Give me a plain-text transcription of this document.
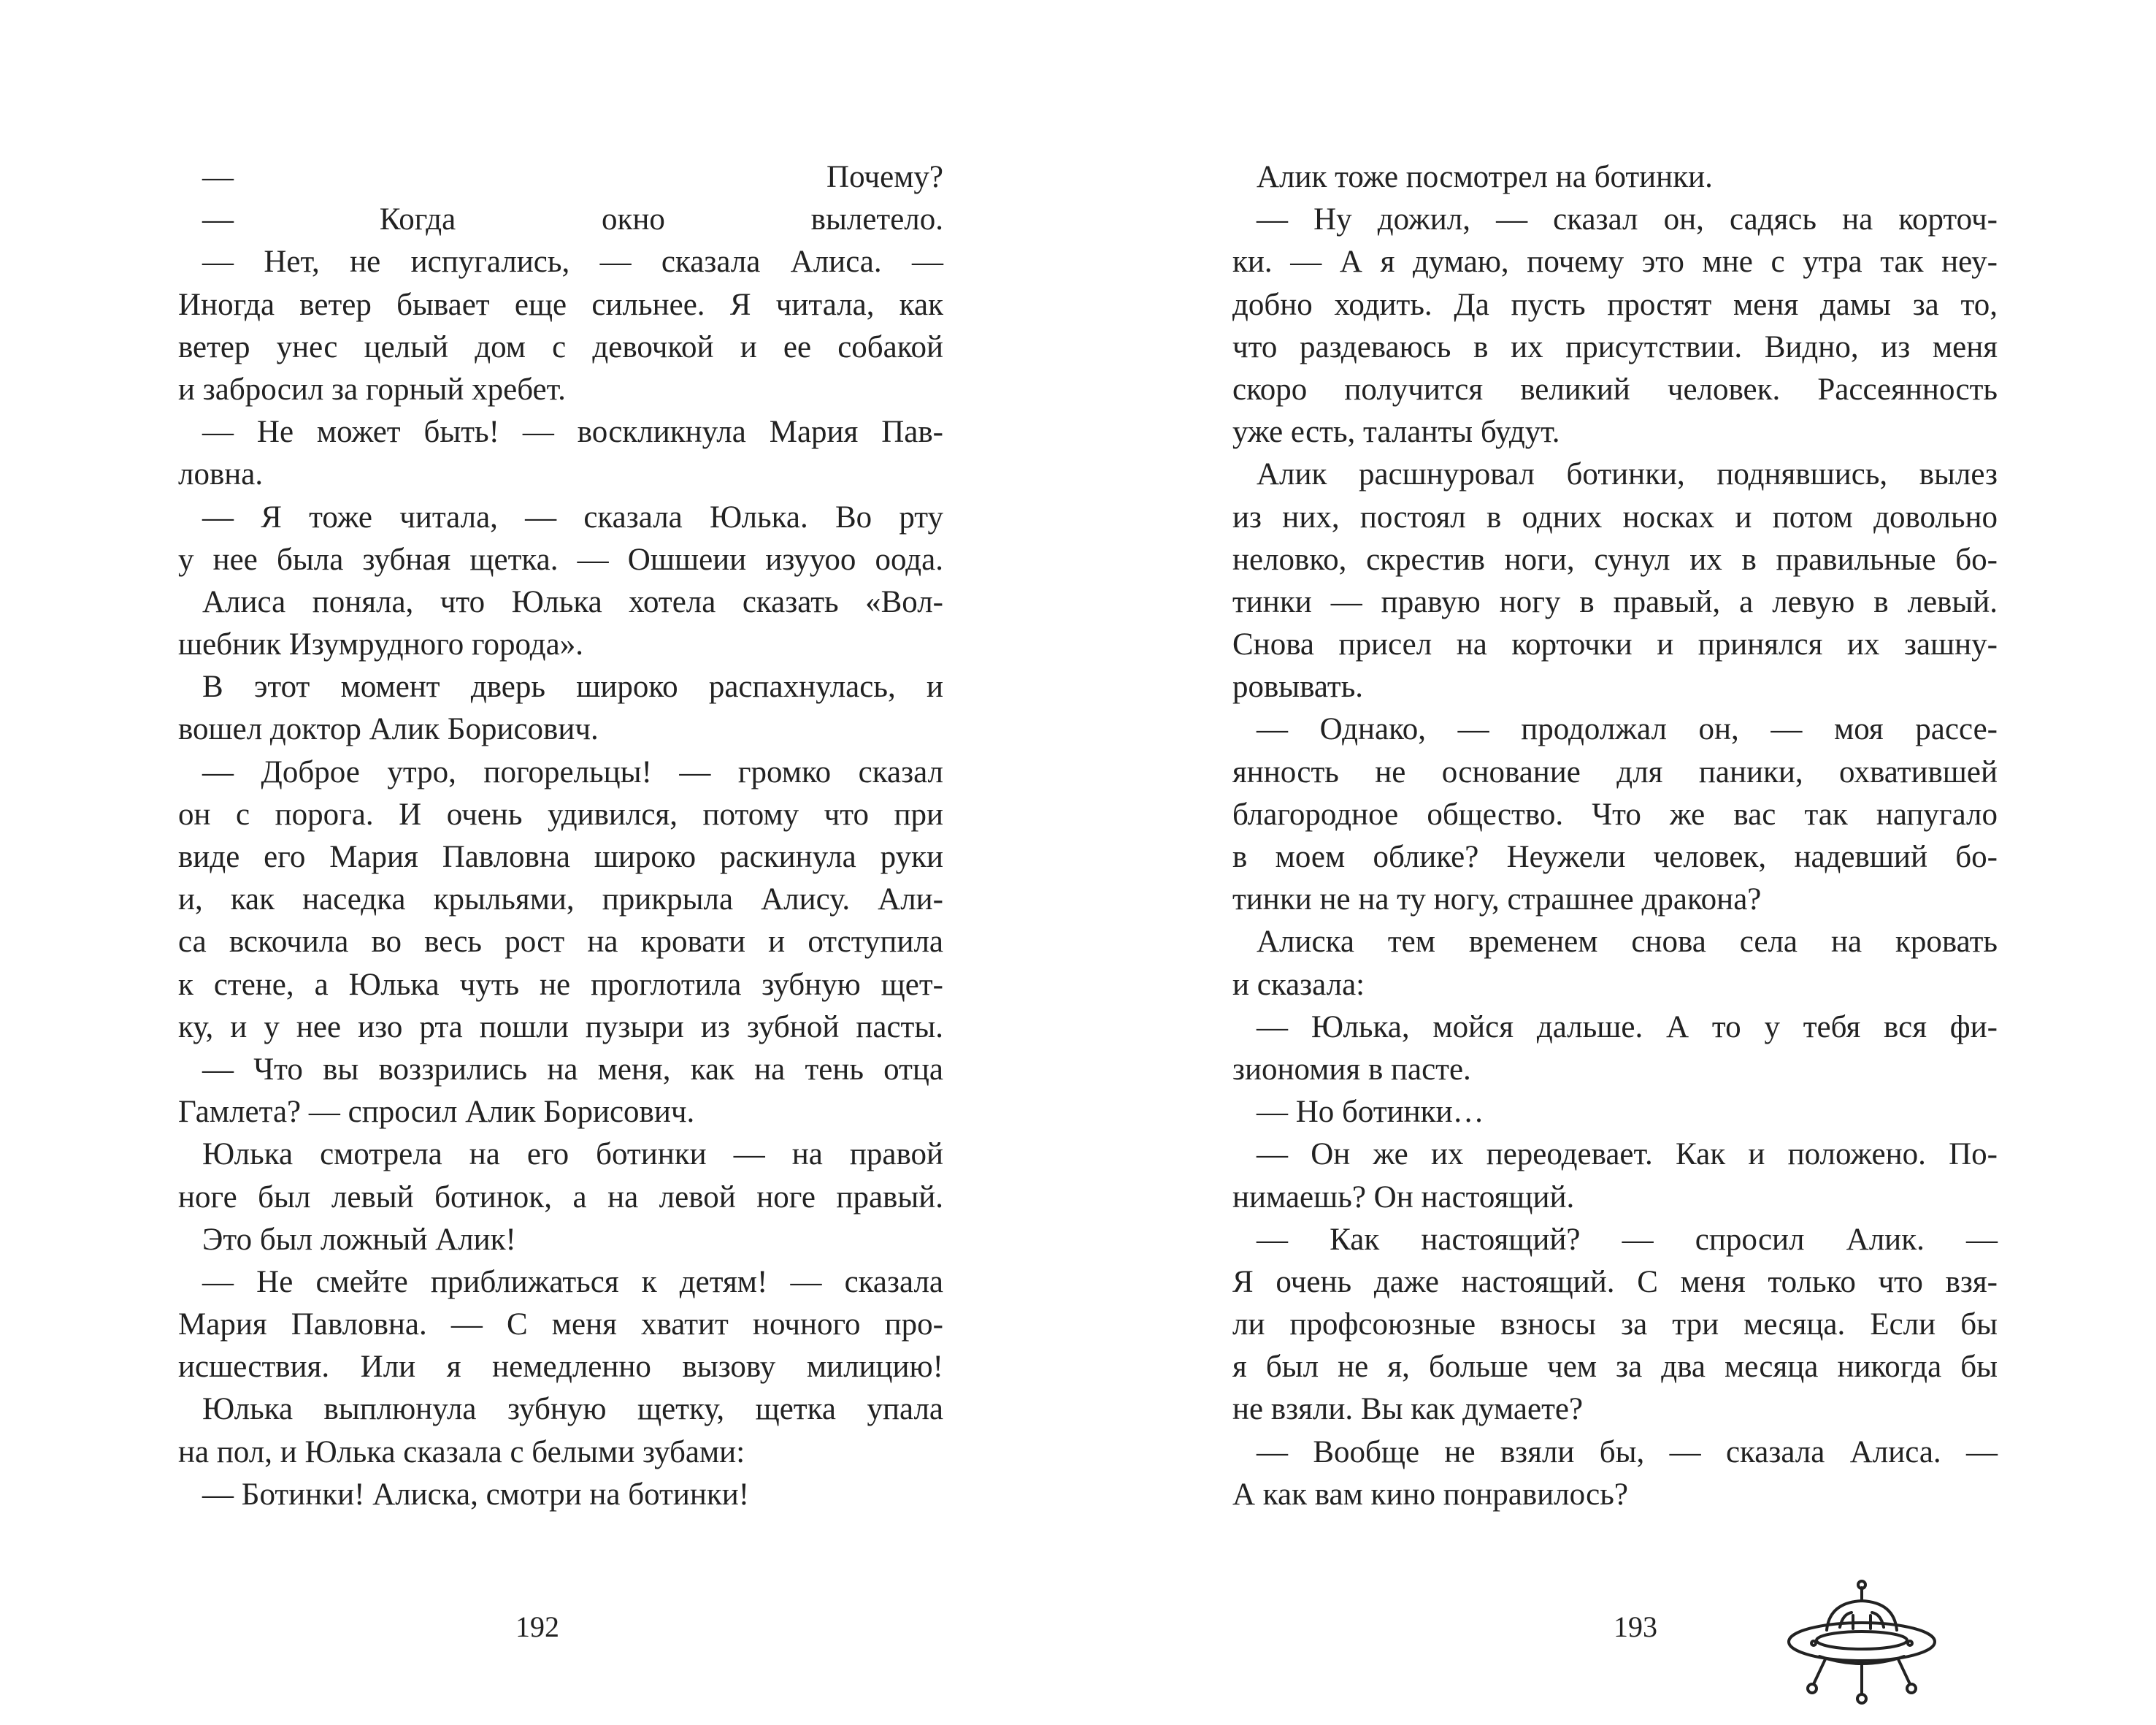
— Почему?
— Когда окно вылетело.
— Нет, не испугались, — сказала Алиса. —
Иногда ветер бывает еще сильнее. Я читала, как
ветер унес целый дом с девочкой и ее собакой
и забросил за горный хребет.
— Не может быть! — воскликнула Мария Пав-
ловна.
— Я тоже читала, — сказала Юлька. Во рту
у нее была зубная щетка. — Ошшеии изууоо оода.
Алиса поняла, что Юлька хотела сказать «Вол-
шебник Изумрудного города».
В этот момент дверь широко распахнулась, и
вошел доктор Алик Борисович.
— Доброе утро, погорельцы! — громко сказал
он с порога. И очень удивился, потому что при
виде его Мария Павловна широко раскинула руки
и, как наседка крыльями, прикрыла Алису. Али-
са вскочила во весь рост на кровати и отступила
к стене, а Юлька чуть не проглотила зубную щет-
ку, и у нее изо рта пошли пузыри из зубной пасты.
— Что вы воззрились на меня, как на тень отца
Гамлета? — спросил Алик Борисович.
Юлька смотрела на его ботинки — на правой
ноге был левый ботинок, а на левой ноге правый.
Это был ложный Алик!
— Не смейте приближаться к детям! — сказала
Мария Павловна. — С меня хватит ночного про-
исшествия. Или я немедленно вызову милицию!
Юлька выплюнула зубную щетку, щетка упала
на пол, и Юлька сказала с белыми зубами:
— Ботинки! Алиска, смотри на ботинки!
Алик тоже посмотрел на ботинки.
— Ну дожил, — сказал он, садясь на корточ-
ки. — А я думаю, почему это мне с утра так неу-
добно ходить. Да пусть простят меня дамы за то,
что раздеваюсь в их присутствии. Видно, из меня
скоро получится великий человек. Рассеянность
уже есть, таланты будут.
Алик расшнуровал ботинки, поднявшись, вылез
из них, постоял в одних носках и потом довольно
неловко, скрестив ноги, сунул их в правильные бо-
тинки — правую ногу в правый, а левую в левый.
Снова присел на корточки и принялся их зашну-
ровывать.
— Однако, — продолжал он, — моя рассе-
янность не основание для паники, охватившей
благородное общество. Что же вас так напугало
в моем облике? Неужели человек, надевший бо-
тинки не на ту ногу, страшнее дракона?
Алиска тем временем снова села на кровать
и сказала:
— Юлька, мойся дальше. А то у тебя вся фи-
зиономия в пасте.
— Но ботинки…
— Он же их переодевает. Как и положено. По-
нимаешь? Он настоящий.
— Как настоящий? — спросил Алик. —
Я очень даже настоящий. С меня только что взя-
ли профсоюзные взносы за три месяца. Если бы
я был не я, больше чем за два месяца никогда бы
не взяли. Вы как думаете?
— Вообще не взяли бы, — сказала Алиса. —
А как вам кино понравилось?
192	193
